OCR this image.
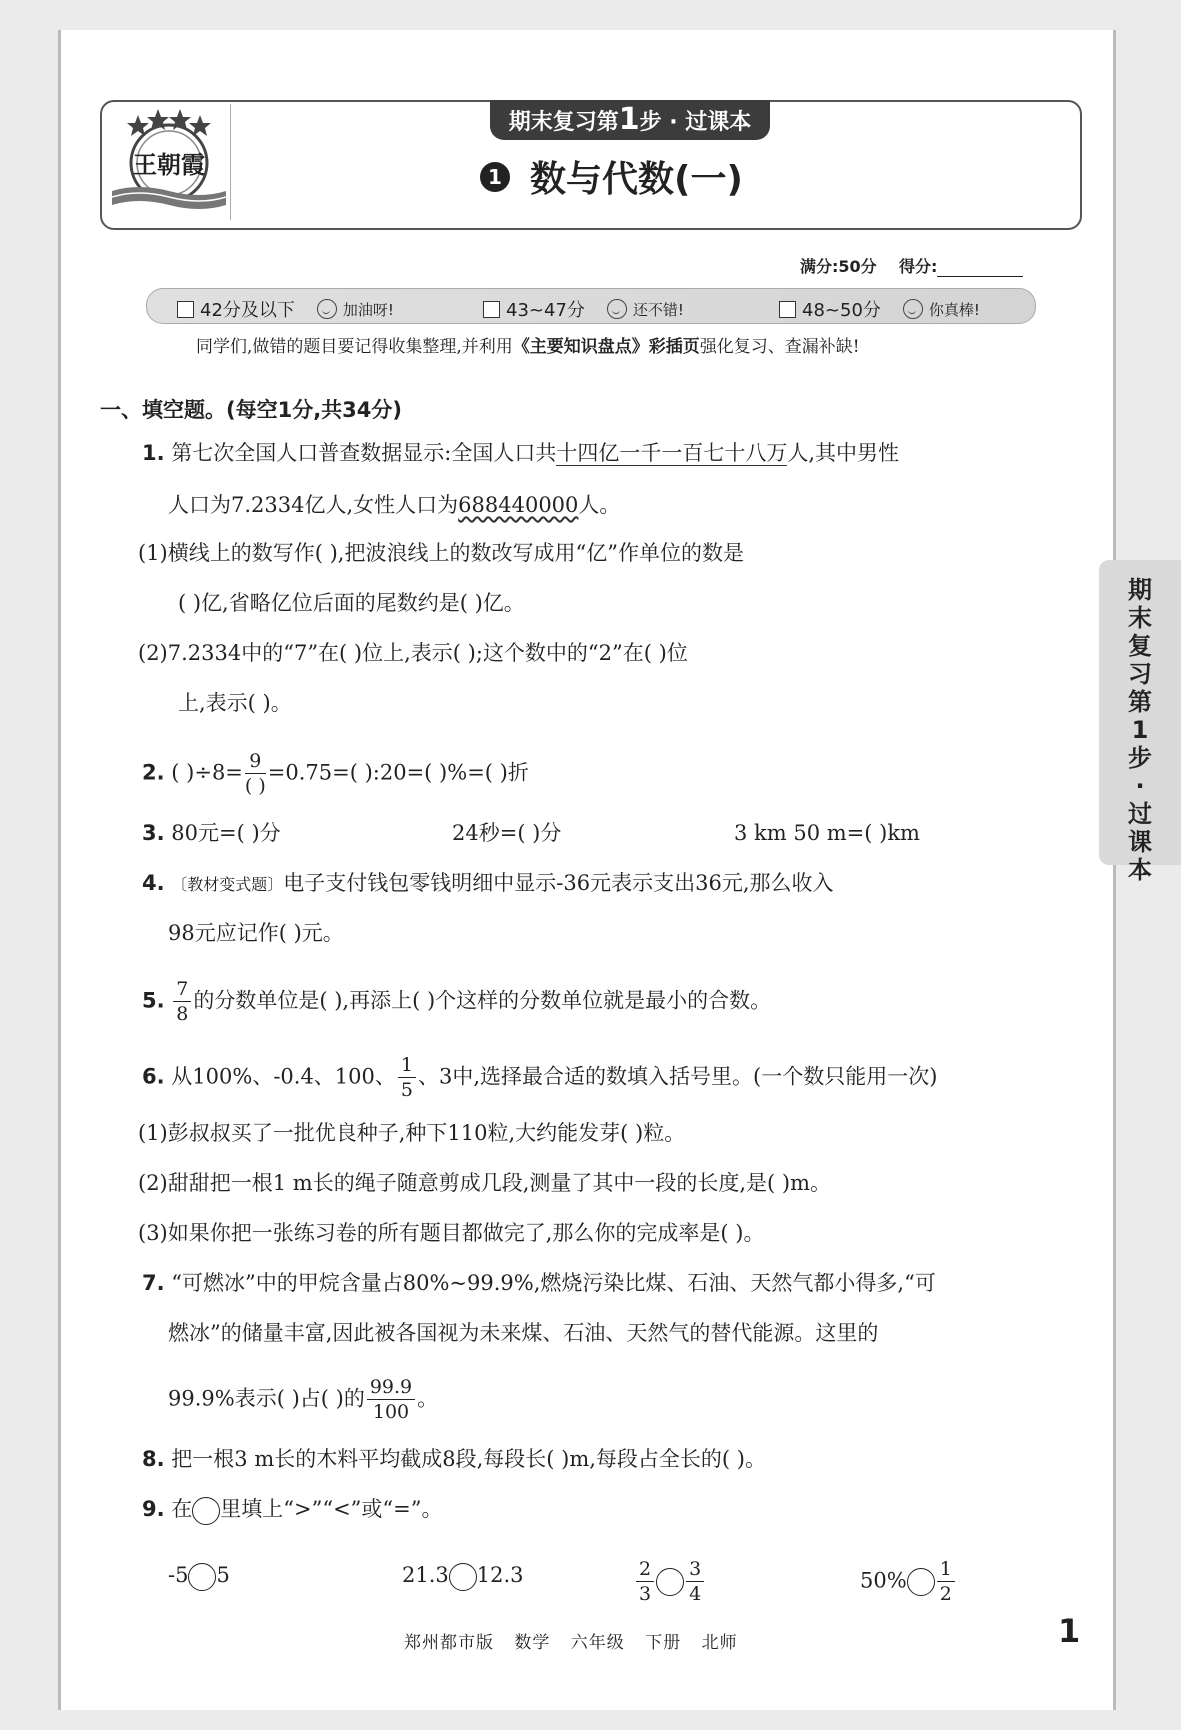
王朝霞
期末复习第1步 · 过课本
1 数与代数(一)
满分:50分 得分:
42分及以下	加油呀!	43~47分	还不错!	48~50分	你真棒!
同学们,做错的题目要记得收集整理,并利用《主要知识盘点》彩插页强化复习、查漏补缺!
一、填空题。(每空1分,共34分)
1. 第七次全国人口普查数据显示:全国人口共十四亿一千一百七十八万人,其中男性
人口为7.2334亿人,女性人口为688440000人。
(1)横线上的数写作( ),把波浪线上的数改写成用“亿”作单位的数是
( )亿,省略亿位后面的尾数约是( )亿。
(2)7.2334中的“7”在( )位上,表示( );这个数中的“2”在( )位
上,表示( )。
2. ( )$\div 8= \frac{9}{( )} =0.75=$( ):20=( )%=( )折
3. 80元=( )分	24秒=( )分	3 km 50 m=( )km
4. 〔教材变式题〕电子支付钱包零钱明细中显示-36元表示支出36元,那么收入
98元应记作( )元。
5. $\frac{7}{8}$ 的分数单位是( ),再添上( )个这样的分数单位就是最小的合数。
6. 从100%、-0.4、100、 $\frac{1}{5}$ 、3中,选择最合适的数填入括号里。(一个数只能用一次)
(1)彭叔叔买了一批优良种子,种下110粒,大约能发芽( )粒。
(2)甜甜把一根1 m长的绳子随意剪成几段,测量了其中一段的长度,是( )m。
(3)如果你把一张练习卷的所有题目都做完了,那么你的完成率是( )。
7. “可燃冰”中的甲烷含量占80%~99.9%,燃烧污染比煤、石油、天然气都小得多,“可
燃冰”的储量丰富,因此被各国视为未来煤、石油、天然气的替代能源。这里的
99.9%表示( )占( )的 $\frac{99.9}{100}$ 。
8. 把一根3 m长的木料平均截成8段,每段长( )m,每段占全长的( )。
9. 在 里填上“>”“<”或“=”。
-5 5	21.3 12.3	$\frac{2}{3} \frac{3}{4}$	$50\% \frac{1}{2}$
期末复习第1步·过课本
郑州都市版 数学 六年级 下册 北师	1
